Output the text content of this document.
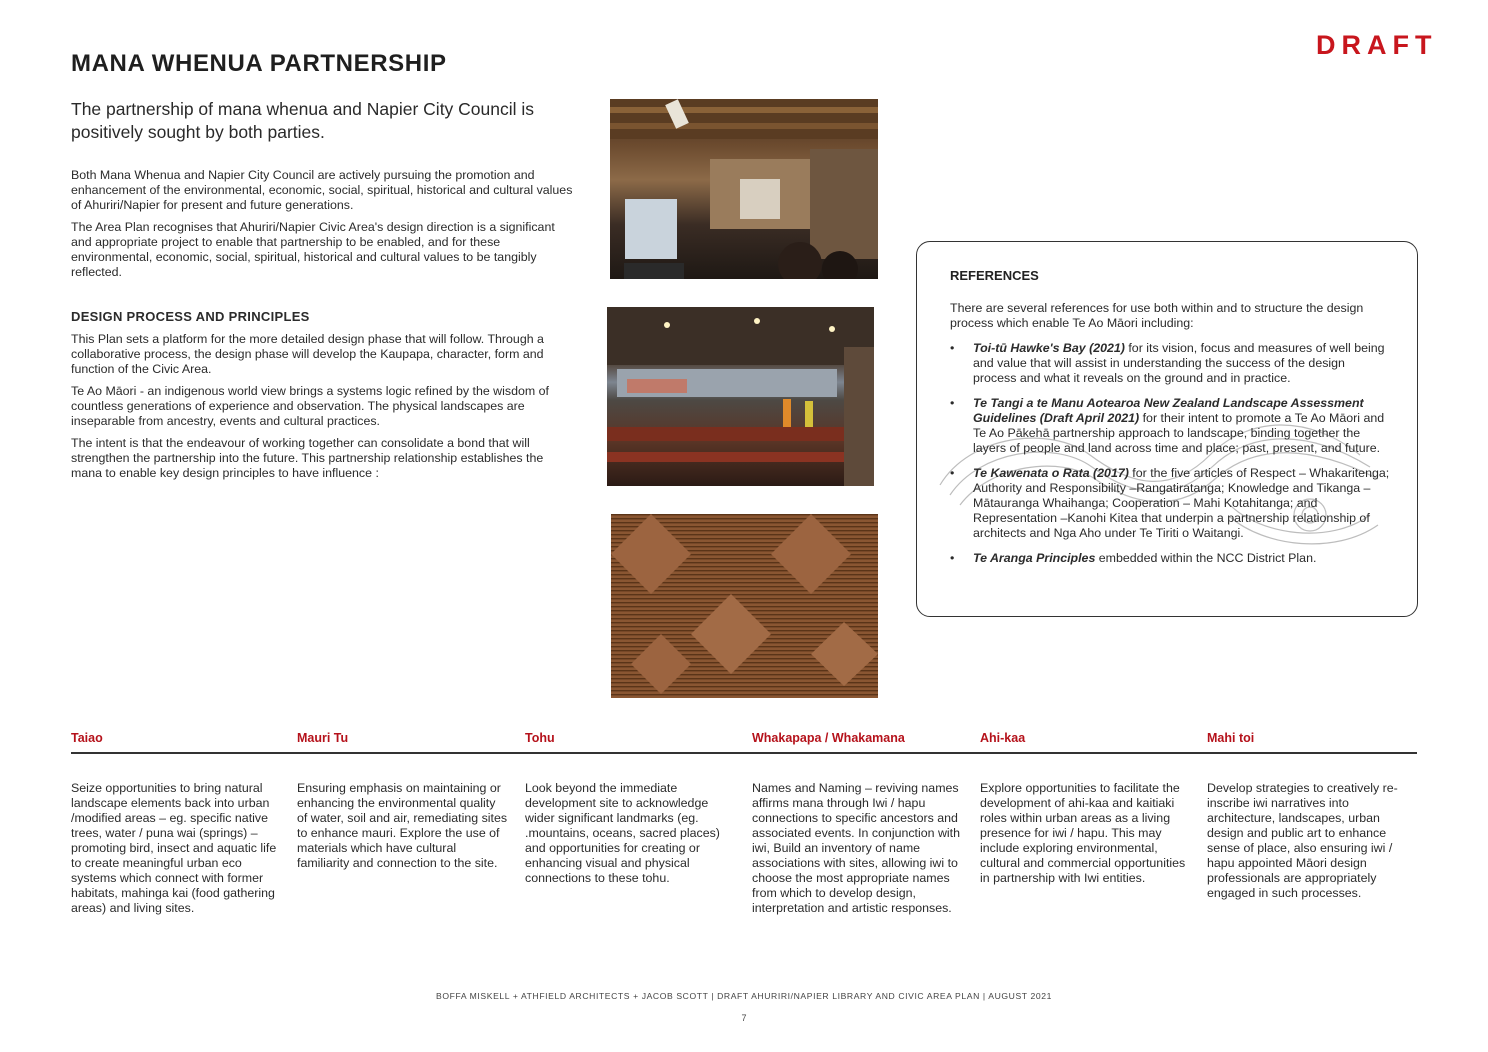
DRAFT
MANA WHENUA PARTNERSHIP
The partnership of mana whenua and Napier City Council is positively sought by both parties.

Both Mana Whenua and Napier City Council are actively pursuing the promotion and enhancement of the environmental, economic, social, spiritual, historical and cultural values of Ahuriri/Napier for present and future generations.

The Area Plan recognises that Ahuriri/Napier Civic Area's design direction is a significant and appropriate project to enable that partnership to be enabled, and for these environmental, economic, social, spiritual, historical and cultural values to be tangibly reflected.

DESIGN PROCESS AND PRINCIPLES

This Plan sets a platform for the more detailed design phase that will follow. Through a collaborative process, the design phase will develop the Kaupapa, character, form and function of the Civic Area.

Te Ao Māori - an indigenous world view brings a systems logic refined by the wisdom of countless generations of experience and observation. The physical landscapes are inseparable from ancestry, events and cultural practices.

The intent is that the endeavour of working together can consolidate a bond that will strengthen the partnership into the future. This partnership relationship establishes the mana to enable key design principles to have influence :

REFERENCES
There are several references for use both within and to structure the design process which enable Te Ao Māori including:
• Toi-tū Hawke's Bay (2021) for its vision, focus and measures of well being and value that will assist in understanding the success of the design process and what it reveals on the ground and in practice.
• Te Tangi a te Manu Aotearoa New Zealand Landscape Assessment Guidelines (Draft April 2021) for their intent to promote a Te Ao Māori and Te Ao Pākehā partnership approach to landscape, binding together the layers of people and land across time and place; past, present, and future.
• Te Kawenata o Rata (2017) for the five articles of Respect – Whakaritenga; Authority and Responsibility –Rangatiratanga; Knowledge and Tikanga – Mātauranga Whaihanga; Cooperation – Mahi Kotahitanga; and Representation –Kanohi Kitea that underpin a partnership relationship of architects and Nga Aho under Te Tiriti o Waitangi.
• Te Aranga Principles embedded within the NCC District Plan.
Taiao
Seize opportunities to bring natural landscape elements back into urban /modified areas – eg. specific native trees, water / puna wai (springs) – promoting bird, insect and aquatic life to create meaningful urban eco systems which connect with former habitats, mahinga kai (food gathering areas) and living sites.
Mauri Tu
Ensuring emphasis on maintaining or enhancing the environmental quality of water, soil and air, remediating sites to enhance mauri. Explore the use of materials which have cultural familiarity and connection to the site.
Tohu
Look beyond the immediate development site to acknowledge wider significant landmarks (eg. .mountains, oceans, sacred places) and opportunities for creating or enhancing visual and physical connections to these tohu.
Whakapapa / Whakamana
Names and Naming – reviving names affirms mana through Iwi / hapu connections to specific ancestors and associated events. In conjunction with iwi, Build an inventory of name associations with sites, allowing iwi to choose the most appropriate names from which to develop design, interpretation and artistic responses.
Ahi-kaa
Explore opportunities to facilitate the development of ahi-kaa and kaitiaki roles within urban areas as a living presence for iwi / hapu. This may include exploring environmental, cultural and commercial opportunities in partnership with Iwi entities.
Mahi toi
Develop strategies to creatively re-inscribe iwi narratives into architecture, landscapes, urban design and public art to enhance sense of place, also ensuring iwi / hapu appointed Māori design professionals are appropriately engaged in such processes.
BOFFA MISKELL + ATHFIELD ARCHITECTS + JACOB SCOTT | DRAFT AHURIRI/NAPIER LIBRARY AND CIVIC AREA PLAN | AUGUST 2021
7
